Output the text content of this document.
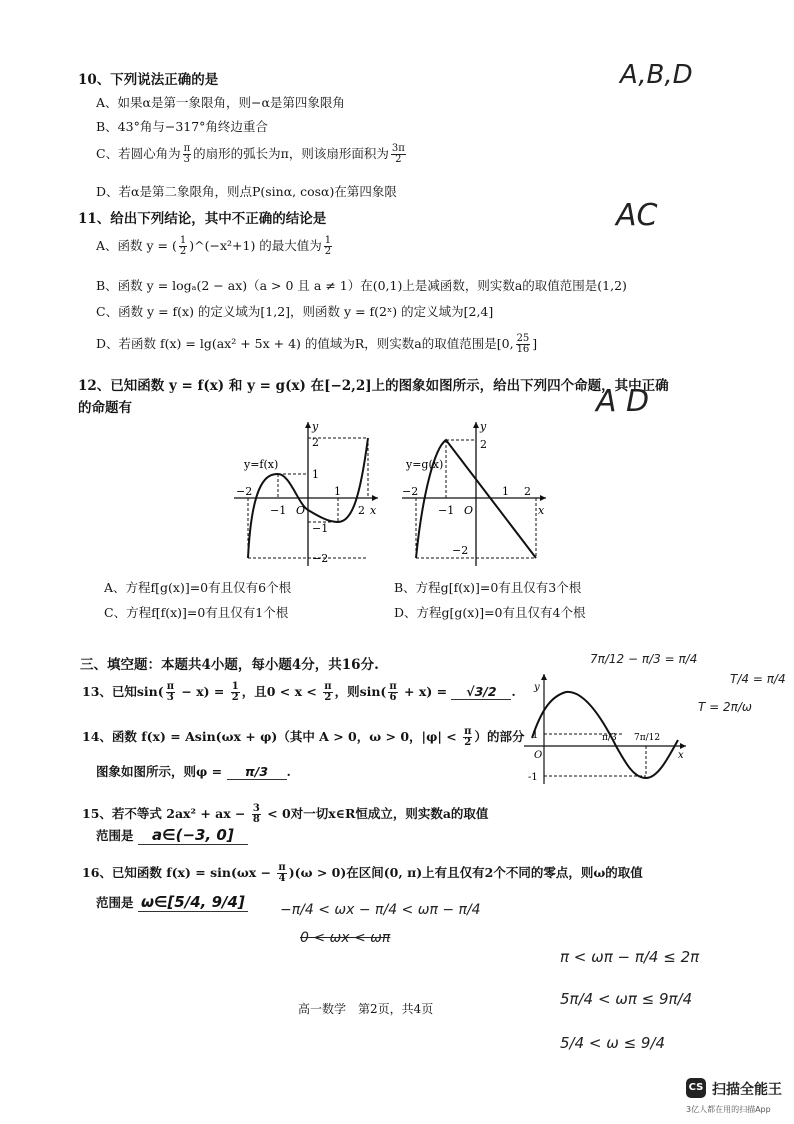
10、下列说法正确的是	A,B,D
A、如果α是第一象限角，则−α是第四象限角
B、43°角与−317°角终边重合
C、若圆心角为 $\frac{\pi}{3}$ 的扇形的弧长为π，则该扇形面积为 $\frac{3\pi}{2}$
D、若α是第二象限角，则点P(sinα, cosα)在第四象限
11、给出下列结论，其中不正确的结论是	AC
A、函数 y = ( $\frac{1}{2}$ )^(−x²+1) 的最大值为 $\frac{1}{2}$
B、函数 y = logₐ(2 − ax)（a > 0 且 a ≠ 1）在(0,1)上是减函数，则实数a的取值范围是(1,2)
C、函数 y = f(x) 的定义域为[1,2]，则函数 y = f(2ˣ) 的定义域为[2,4]
D、若函数 f(x) = lg(ax² + 5x + 4) 的值域为R，则实数a的取值范围是[0, $\frac{25}{16}$ ]
12、已知函数 y = f(x) 和 y = g(x) 在[−2,2]上的图象如图所示，给出下列四个命题，其中正确
的命题有	A D
y=f(x)
−2
−1 O
1
2 x
y
2
1
−1
−2
y=g(x)
−2
−1 O
1 2
x
y
2
−2
A、方程f[g(x)]=0有且仅有6个根	B、方程g[f(x)]=0有且仅有3个根
C、方程f[f(x)]=0有且仅有1个根	D、方程g[g(x)]=0有且仅有4个根
三、填空题：本题共4小题，每小题4分，共16分.
13、已知$\sin( \frac{\pi}{3} - x) = \frac{1}{2}$ ，且$0 < x < \frac{\pi}{2}$ ，则$\sin( \frac{\pi}{6} + x) = √3/2$ .
14、函数 f(x) = Asin(ωx + φ)（其中 A > 0，ω > 0，$|\varphi| < \frac{\pi}{2}$ ）的部分
图象如图所示，则φ = π/3 .
y
1
-1
O	x
π/3 7π/12
7π/12 − π/3 = π/4
T/4 = π/4
T = 2π/ω
15、若不等式 2ax² + ax − $\frac{3}{8} < 0$对一切x∈R恒成立，则实数a的取值
范围是 a∈(−3, 0]
16、已知函数 $f(x) = \sin(\omega x - \frac{\pi}{4} )(\omega > 0)$在区间(0, π)上有且仅有2个不同的零点，则ω的取值
范围是 ω∈[5/4, 9/4]	−π/4 < ωx − π/4 < ωπ − π/4
0 < ωx < ωπ
π < ωπ − π/4 ≤ 2π
5π/4 < ωπ ≤ 9π/4
5/4 < ω ≤ 9/4
高一数学　第2页，共4页
CS 扫描全能王
3亿人都在用的扫描App
